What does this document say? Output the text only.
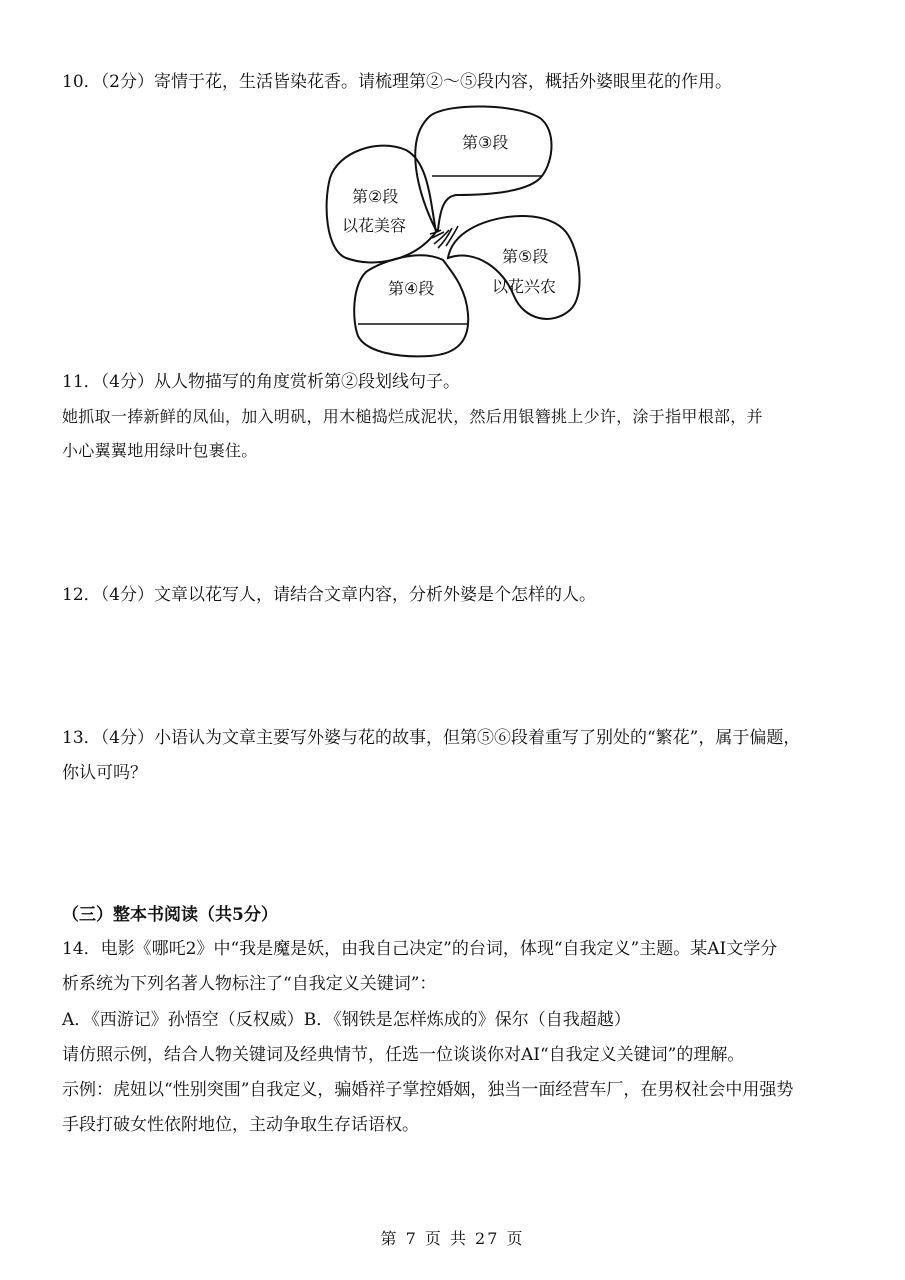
10．（2分）寄情于花，生活皆染花香。请梳理第②～⑤段内容，概括外婆眼里花的作用。
第③段
第②段
以花美容
第⑤段
以花兴农
第④段
11．（4分）从人物描写的角度赏析第②段划线句子。
她抓取一捧新鲜的凤仙，加入明矾，用木槌捣烂成泥状，然后用银簪挑上少许，涂于指甲根部，并
小心翼翼地用绿叶包裹住。
12．（4分）文章以花写人，请结合文章内容，分析外婆是个怎样的人。
13．（4分）小语认为文章主要写外婆与花的故事，但第⑤⑥段着重写了别处的“繁花”，属于偏题，
你认可吗？
（三）整本书阅读（共5分）
14．电影《哪吒2》中“我是魔是妖，由我自己决定”的台词，体现“自我定义”主题。某AI文学分
析系统为下列名著人物标注了“自我定义关键词”：
A．《西游记》孙悟空（反权威）B．《钢铁是怎样炼成的》保尔（自我超越）
请仿照示例，结合人物关键词及经典情节，任选一位谈谈你对AI“自我定义关键词”的理解。
示例：虎妞以“性别突围”自我定义，骗婚祥子掌控婚姻，独当一面经营车厂，在男权社会中用强势
手段打破女性依附地位，主动争取生存话语权。
第 7 页 共 27 页
